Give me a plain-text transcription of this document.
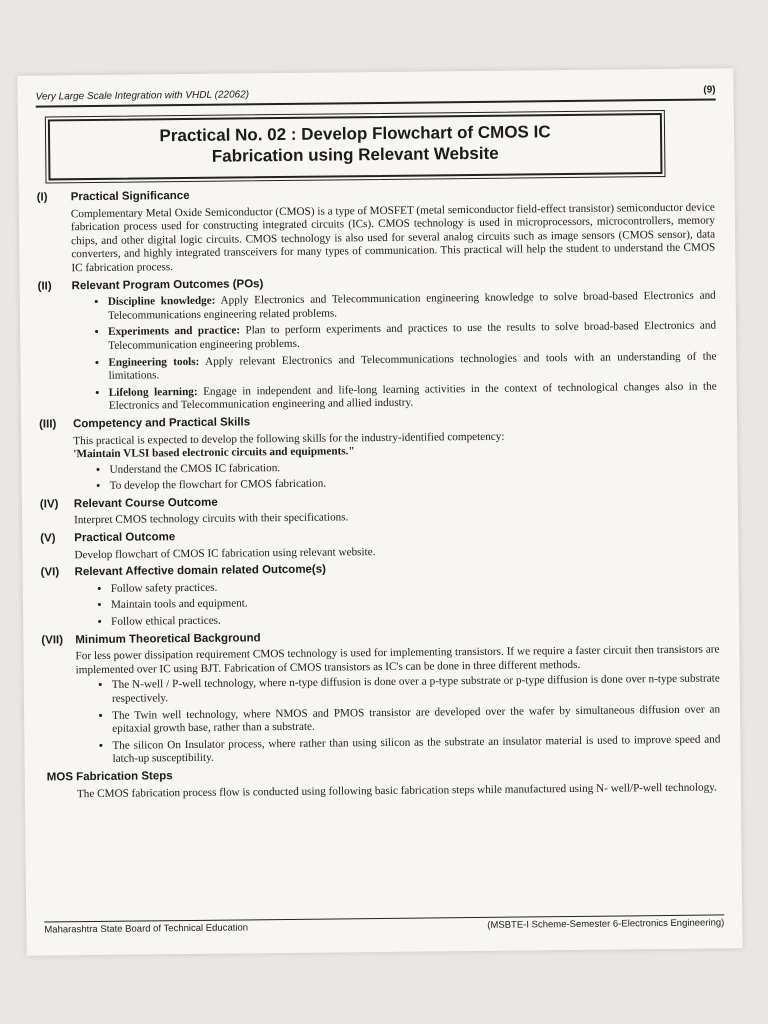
Very Large Scale Integration with VHDL (22062)	(9)
Practical No. 02 : Develop Flowchart of CMOS IC
Fabrication using Relevant Website
(I)	Practical Significance
Complementary Metal Oxide Semiconductor (CMOS) is a type of MOSFET (metal semiconductor field-effect transistor) semiconductor device fabrication process used for constructing integrated circuits (ICs). CMOS technology is used in microprocessors, microcontrollers, memory chips, and other digital logic circuits. CMOS technology is also used for several analog circuits such as image sensors (CMOS sensor), data converters, and highly integrated transceivers for many types of communication. This practical will help the student to understand the CMOS IC fabrication process.
(II)	Relevant Program Outcomes (POs)
• Discipline knowledge: Apply Electronics and Telecommunication engineering knowledge to solve broad-based Electronics and Telecommunications engineering related problems.
• Experiments and practice: Plan to perform experiments and practices to use the results to solve broad-based Electronics and Telecommunication engineering problems.
• Engineering tools: Apply relevant Electronics and Telecommunications technologies and tools with an understanding of the limitations.
• Lifelong learning: Engage in independent and life-long learning activities in the context of technological changes also in the Electronics and Telecommunication engineering and allied industry.
(III)	Competency and Practical Skills
This practical is expected to develop the following skills for the industry-identified competency:
'Maintain VLSI based electronic circuits and equipments."
• Understand the CMOS IC fabrication.
• To develop the flowchart for CMOS fabrication.
(IV)	Relevant Course Outcome
Interpret CMOS technology circuits with their specifications.
(V)	Practical Outcome
Develop flowchart of CMOS IC fabrication using relevant website.
(VI)	Relevant Affective domain related Outcome(s)
• Follow safety practices.
• Maintain tools and equipment.
• Follow ethical practices.
(VII)	Minimum Theoretical Background
For less power dissipation requirement CMOS technology is used for implementing transistors. If we require a faster circuit then transistors are implemented over IC using BJT. Fabrication of CMOS transistors as IC's can be done in three different methods.
• The N-well / P-well technology, where n-type diffusion is done over a p-type substrate or p-type diffusion is done over n-type substrate respectively.
• The Twin well technology, where NMOS and PMOS transistor are developed over the wafer by simultaneous diffusion over an epitaxial growth base, rather than a substrate.
• The silicon On Insulator process, where rather than using silicon as the substrate an insulator material is used to improve speed and latch-up susceptibility.
MOS Fabrication Steps
The CMOS fabrication process flow is conducted using following basic fabrication steps while manufactured using N- well/P-well technology.
Maharashtra State Board of Technical Education	(MSBTE-I Scheme-Semester 6-Electronics Engineering)
